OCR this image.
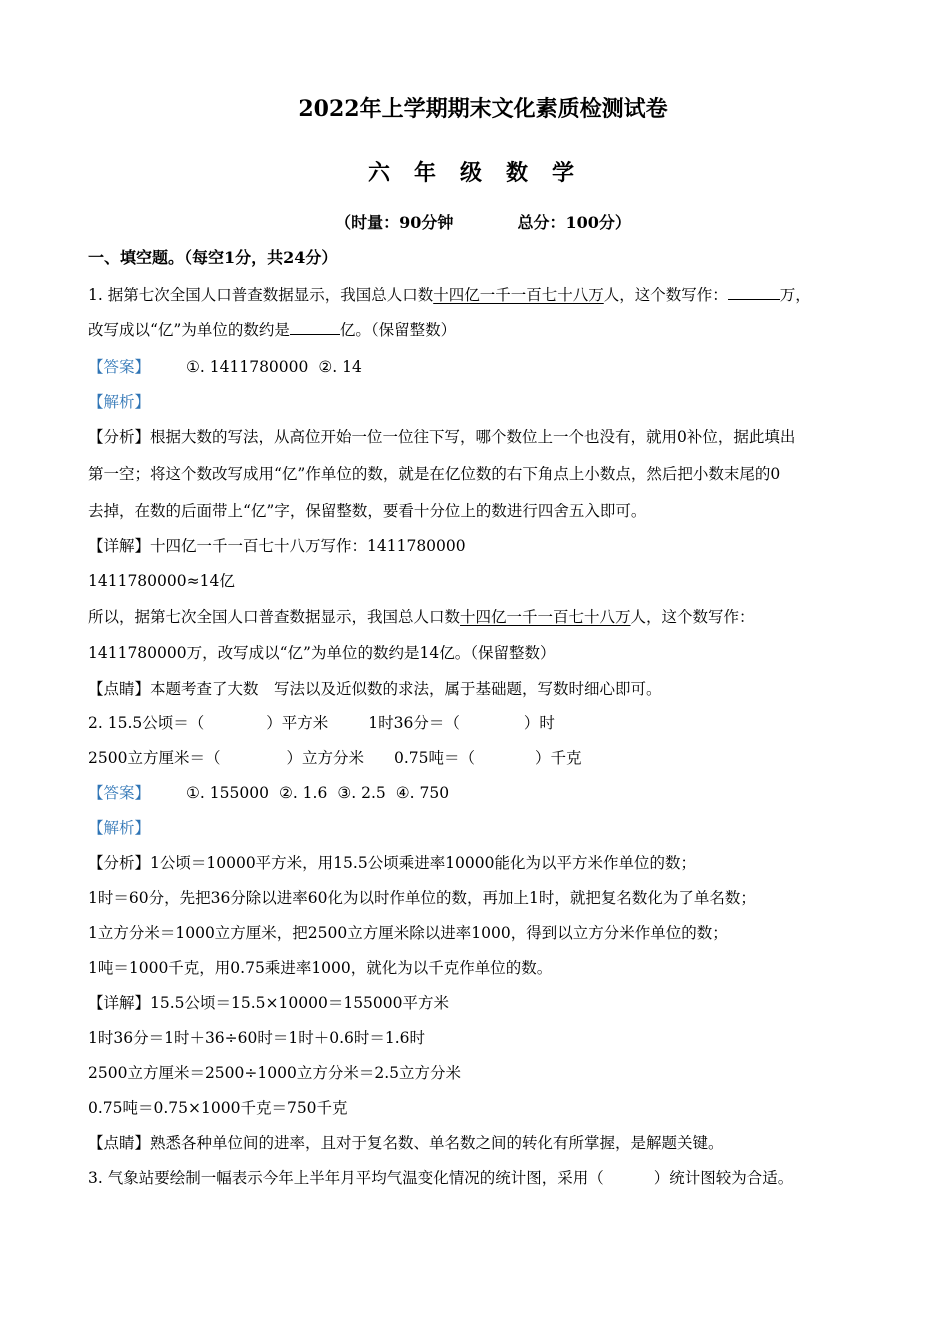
2022年上学期期末文化素质检测试卷
六年级数学
（时量：90分钟	总分：100分）
一、填空题。（每空1分，共24分）
1. 据第七次全国人口普查数据显示，我国总人口数十四亿一千一百七十八万人，这个数写作：	万，
改写成以“亿”为单位的数约是	亿。（保留整数）
【答案】 ①. 1411780000 ②. 14
【解析】
【分析】根据大数的写法，从高位开始一位一位往下写，哪个数位上一个也没有，就用0补位，据此填出
第一空；将这个数改写成用“亿”作单位的数，就是在亿位数的右下角点上小数点，然后把小数末尾的0
去掉，在数的后面带上“亿”字，保留整数，要看十分位上的数进行四舍五入即可。
【详解】十四亿一千一百七十八万写作：1411780000
1411780000≈14亿
所以，据第七次全国人口普查数据显示，我国总人口数十四亿一千一百七十八万人，这个数写作：
1411780000万，改写成以“亿”为单位的数约是14亿。（保留整数）
【点睛】本题考查了大数　写法以及近似数的求法，属于基础题，写数时细心即可。
2. 15.5公顷＝（	）平方米	1时36分＝（	）时
2500立方厘米＝（	）立方分米 0.75吨＝（	）千克
【答案】 ①. 155000 ②. 1.6 ③. 2.5 ④. 750
【解析】
【分析】1公顷＝10000平方米，用15.5公顷乘进率10000能化为以平方米作单位的数；
1时＝60分，先把36分除以进率60化为以时作单位的数，再加上1时，就把复名数化为了单名数；
1立方分米＝1000立方厘米，把2500立方厘米除以进率1000，得到以立方分米作单位的数；
1吨＝1000千克，用0.75乘进率1000，就化为以千克作单位的数。
【详解】15.5公顷＝15.5×10000＝155000平方米
1时36分＝1时＋36÷60时＝1时＋0.6时＝1.6时
2500立方厘米＝2500÷1000立方分米＝2.5立方分米
0.75吨＝0.75×1000千克＝750千克
【点睛】熟悉各种单位间的进率，且对于复名数、单名数之间的转化有所掌握，是解题关键。
3. 气象站要绘制一幅表示今年上半年月平均气温变化情况的统计图，采用（	）统计图较为合适。
